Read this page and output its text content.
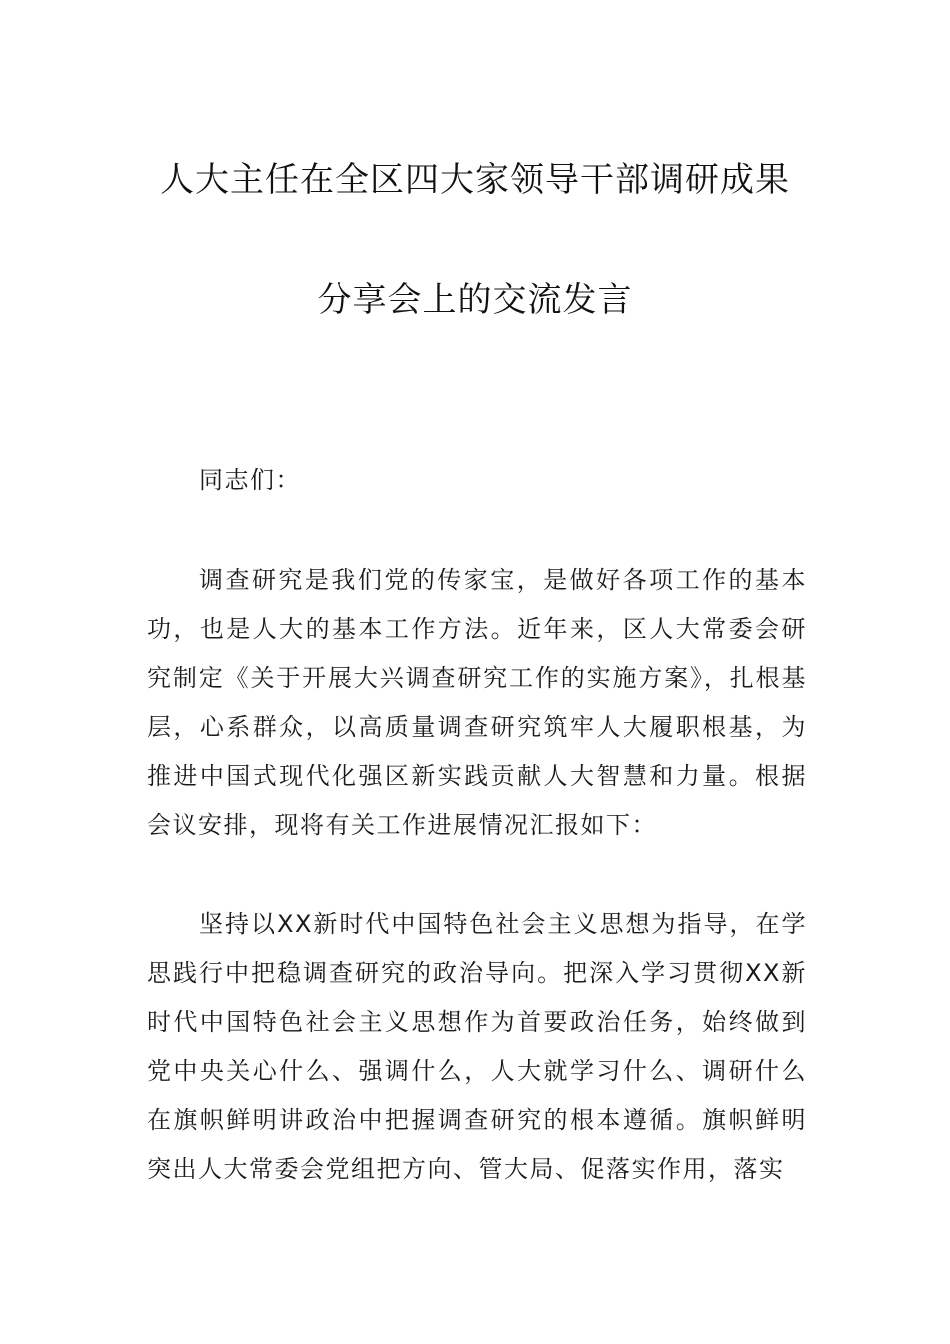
人大主任在全区四大家领导干部调研成果
分享会上的交流发言
同志们：
调查研究是我们党的传家宝，是做好各项工作的基本功，也是人大的基本工作方法。近年来，区人大常委会研究制定《关于开展大兴调查研究工作的实施方案》，扎根基层，心系群众，以高质量调查研究筑牢人大履职根基，为推进中国式现代化强区新实践贡献人大智慧和力量。根据会议安排，现将有关工作进展情况汇报如下：
坚持以XX新时代中国特色社会主义思想为指导，在学思践行中把稳调查研究的政治导向。把深入学习贯彻XX新时代中国特色社会主义思想作为首要政治任务，始终做到党中央关心什么、强调什么，人大就学习什么、调研什么在旗帜鲜明讲政治中把握调查研究的根本遵循。旗帜鲜明突出人大常委会党组把方向、管大局、促落实作用，落实
